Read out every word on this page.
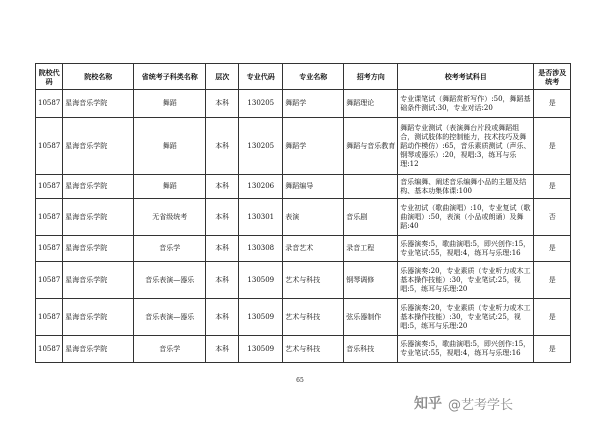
院校代码	院校名称	省统考子科类名称	层次	专业代码	专业名称	招考方向	校考考试科目	是否涉及统考
10587	星海音乐学院	舞蹈	本科	130205	舞蹈学	舞蹈理论	专业课笔试（舞蹈赏析写作）:50，舞蹈基础条件测试:30，专业对话:20	是
10587	星海音乐学院	舞蹈	本科	130205	舞蹈学	舞蹈与音乐教育	舞蹈专业测试（表演舞台片段或舞蹈组合，测试肢体的控制能力，技术技巧及舞蹈动作模仿）:65，音乐素质测试（声乐、钢琴或器乐）:20，视唱:3，练耳与乐理:12	是
10587	星海音乐学院	舞蹈	本科	130206	舞蹈编导		音乐编舞、阐述音乐编舞小品的主题及结构、基本功集体课:100	是
10587	星海音乐学院	无省级统考	本科	130301	表演	音乐剧	专业初试（歌曲演唱）:10，专业复试（歌曲演唱）:50，表演（小品或朗诵）及舞蹈:40	否
10587	星海音乐学院	音乐学	本科	130308	录音艺术	录音工程	乐器演奏:5，歌曲演唱:5，即兴创作:15，专业笔试:55，视唱:4，练耳与乐理:16	是
10587	星海音乐学院	音乐表演—器乐	本科	130509	艺术与科技	钢琴调修	乐器演奏:20，专业素质（专业听力或木工基本操作技能）:30，专业笔试:25，视唱:5，练耳与乐理:20	是
10587	星海音乐学院	音乐表演—器乐	本科	130509	艺术与科技	弦乐器制作	乐器演奏:20，专业素质（专业听力或木工基本操作技能）:30，专业笔试:25，视唱:5，练耳与乐理:20	是
10587	星海音乐学院	音乐学	本科	130509	艺术与科技	音乐科技	乐器演奏:5，歌曲演唱:5，即兴创作:15，专业笔试:55，视唱:4，练耳与乐理:16	是
65
知乎 @艺考学长
